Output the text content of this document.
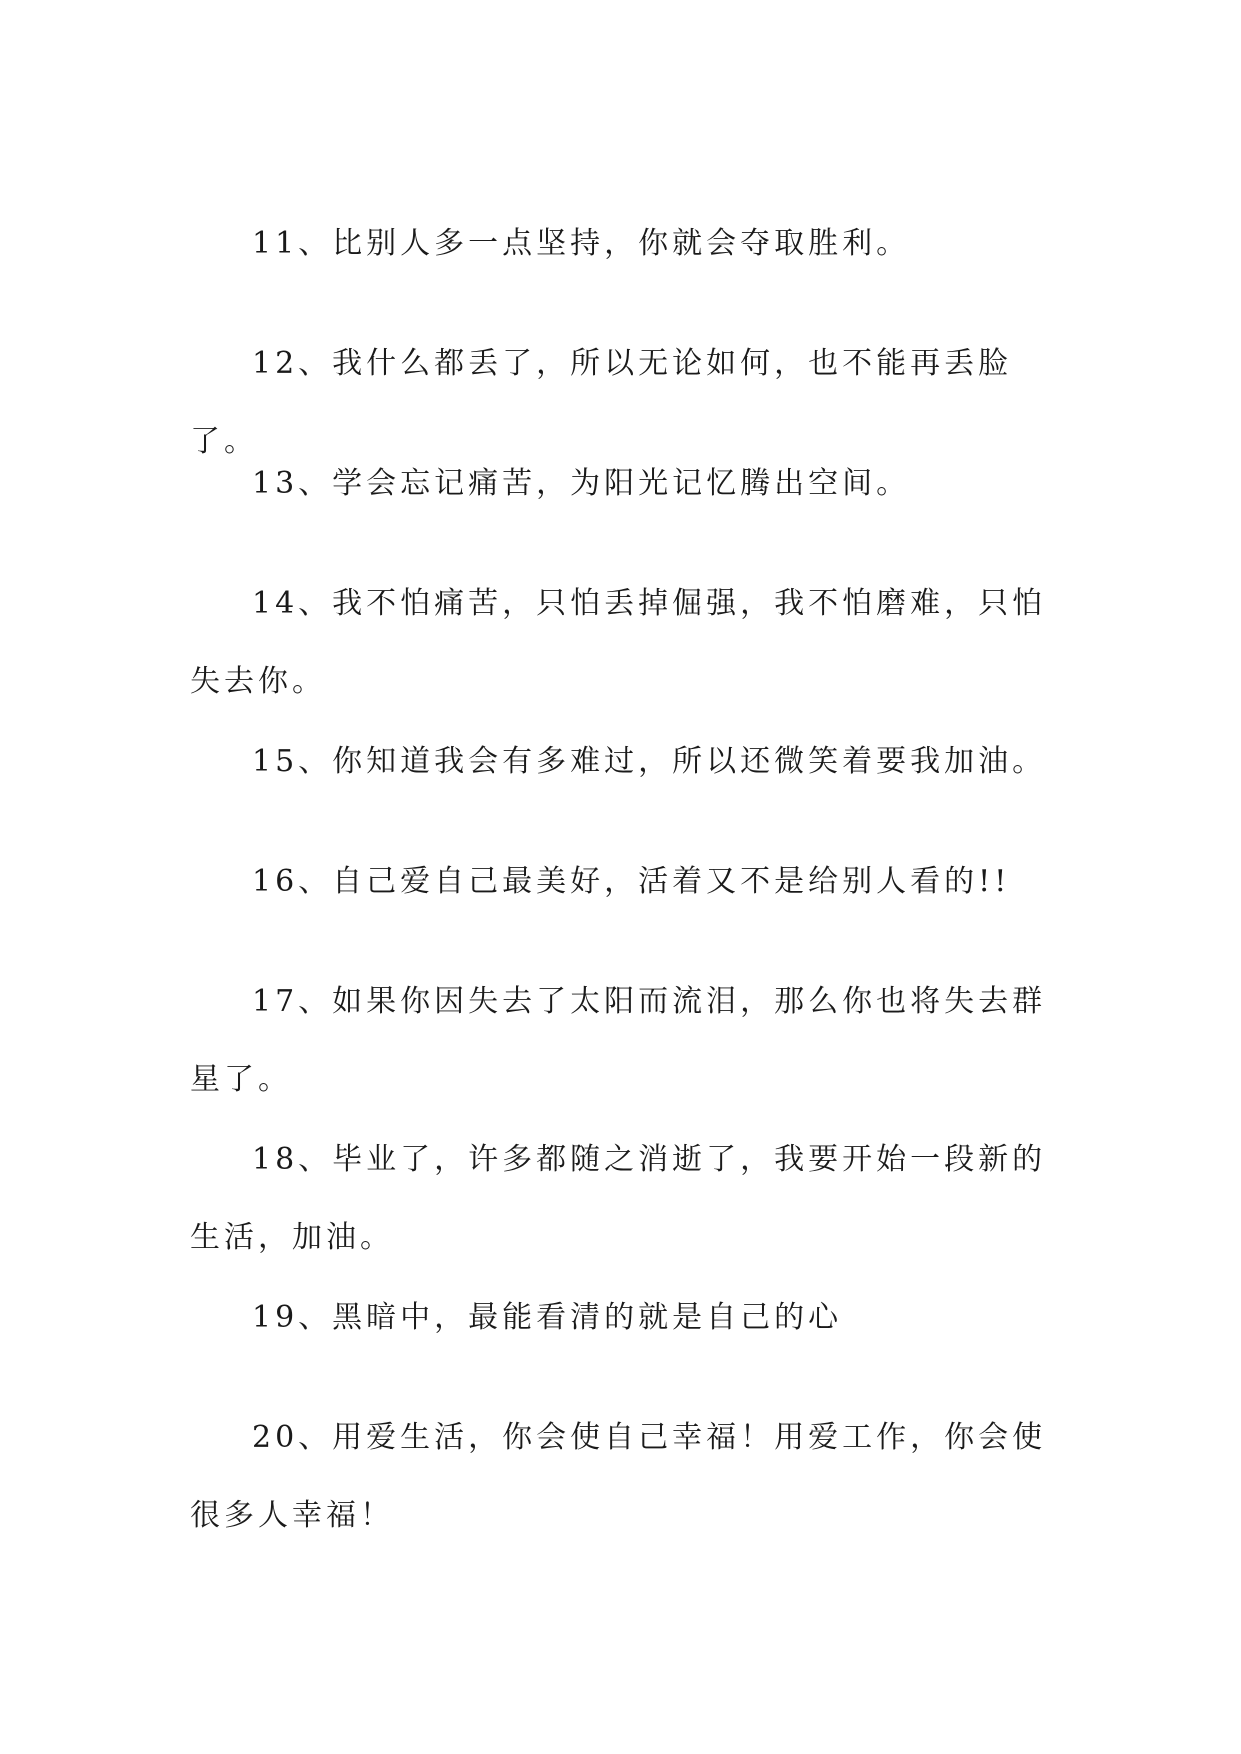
11、比别人多一点坚持，你就会夺取胜利。

12、我什么都丢了，所以无论如何，也不能再丢脸了。

13、学会忘记痛苦，为阳光记忆腾出空间。

14、我不怕痛苦，只怕丢掉倔强，我不怕磨难，只怕失去你。

15、你知道我会有多难过，所以还微笑着要我加油。

16、自己爱自己最美好，活着又不是给别人看的!!

17、如果你因失去了太阳而流泪，那么你也将失去群星了。

18、毕业了，许多都随之消逝了，我要开始一段新的生活，加油。

19、黑暗中，最能看清的就是自己的心

20、用爱生活，你会使自己幸福！用爱工作，你会使很多人幸福！
